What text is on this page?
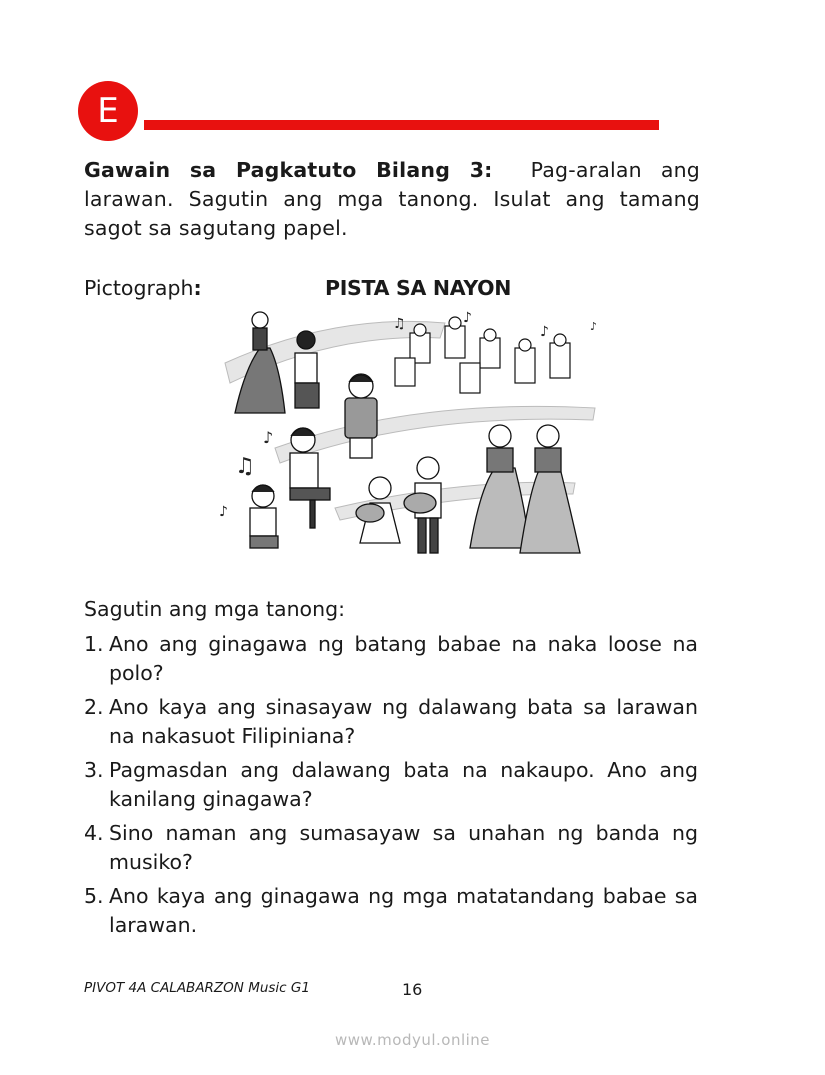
E
Gawain sa Pagkatuto Bilang 3: Pag-aralan ang larawan. Sagutin ang mga tanong. Isulat ang tamang sagot sa sagutang papel.
Pictograph:	PISTA SA NAYON
♫	♪
♪
♪
♫
♪
♪
Sagutin ang mga tanong:
1. Ano ang ginagawa ng batang babae na naka loose na polo?
2. Ano kaya ang sinasayaw ng dalawang bata sa larawan na nakasuot Filipiniana?
3. Pagmasdan ang dalawang bata na nakaupo. Ano ang kanilang ginagawa?
4. Sino naman ang sumasayaw sa unahan ng banda ng musiko?
5. Ano kaya ang ginagawa ng mga matatandang babae sa larawan.
PIVOT 4A CALABARZON Music G1	16
www.modyul.online
